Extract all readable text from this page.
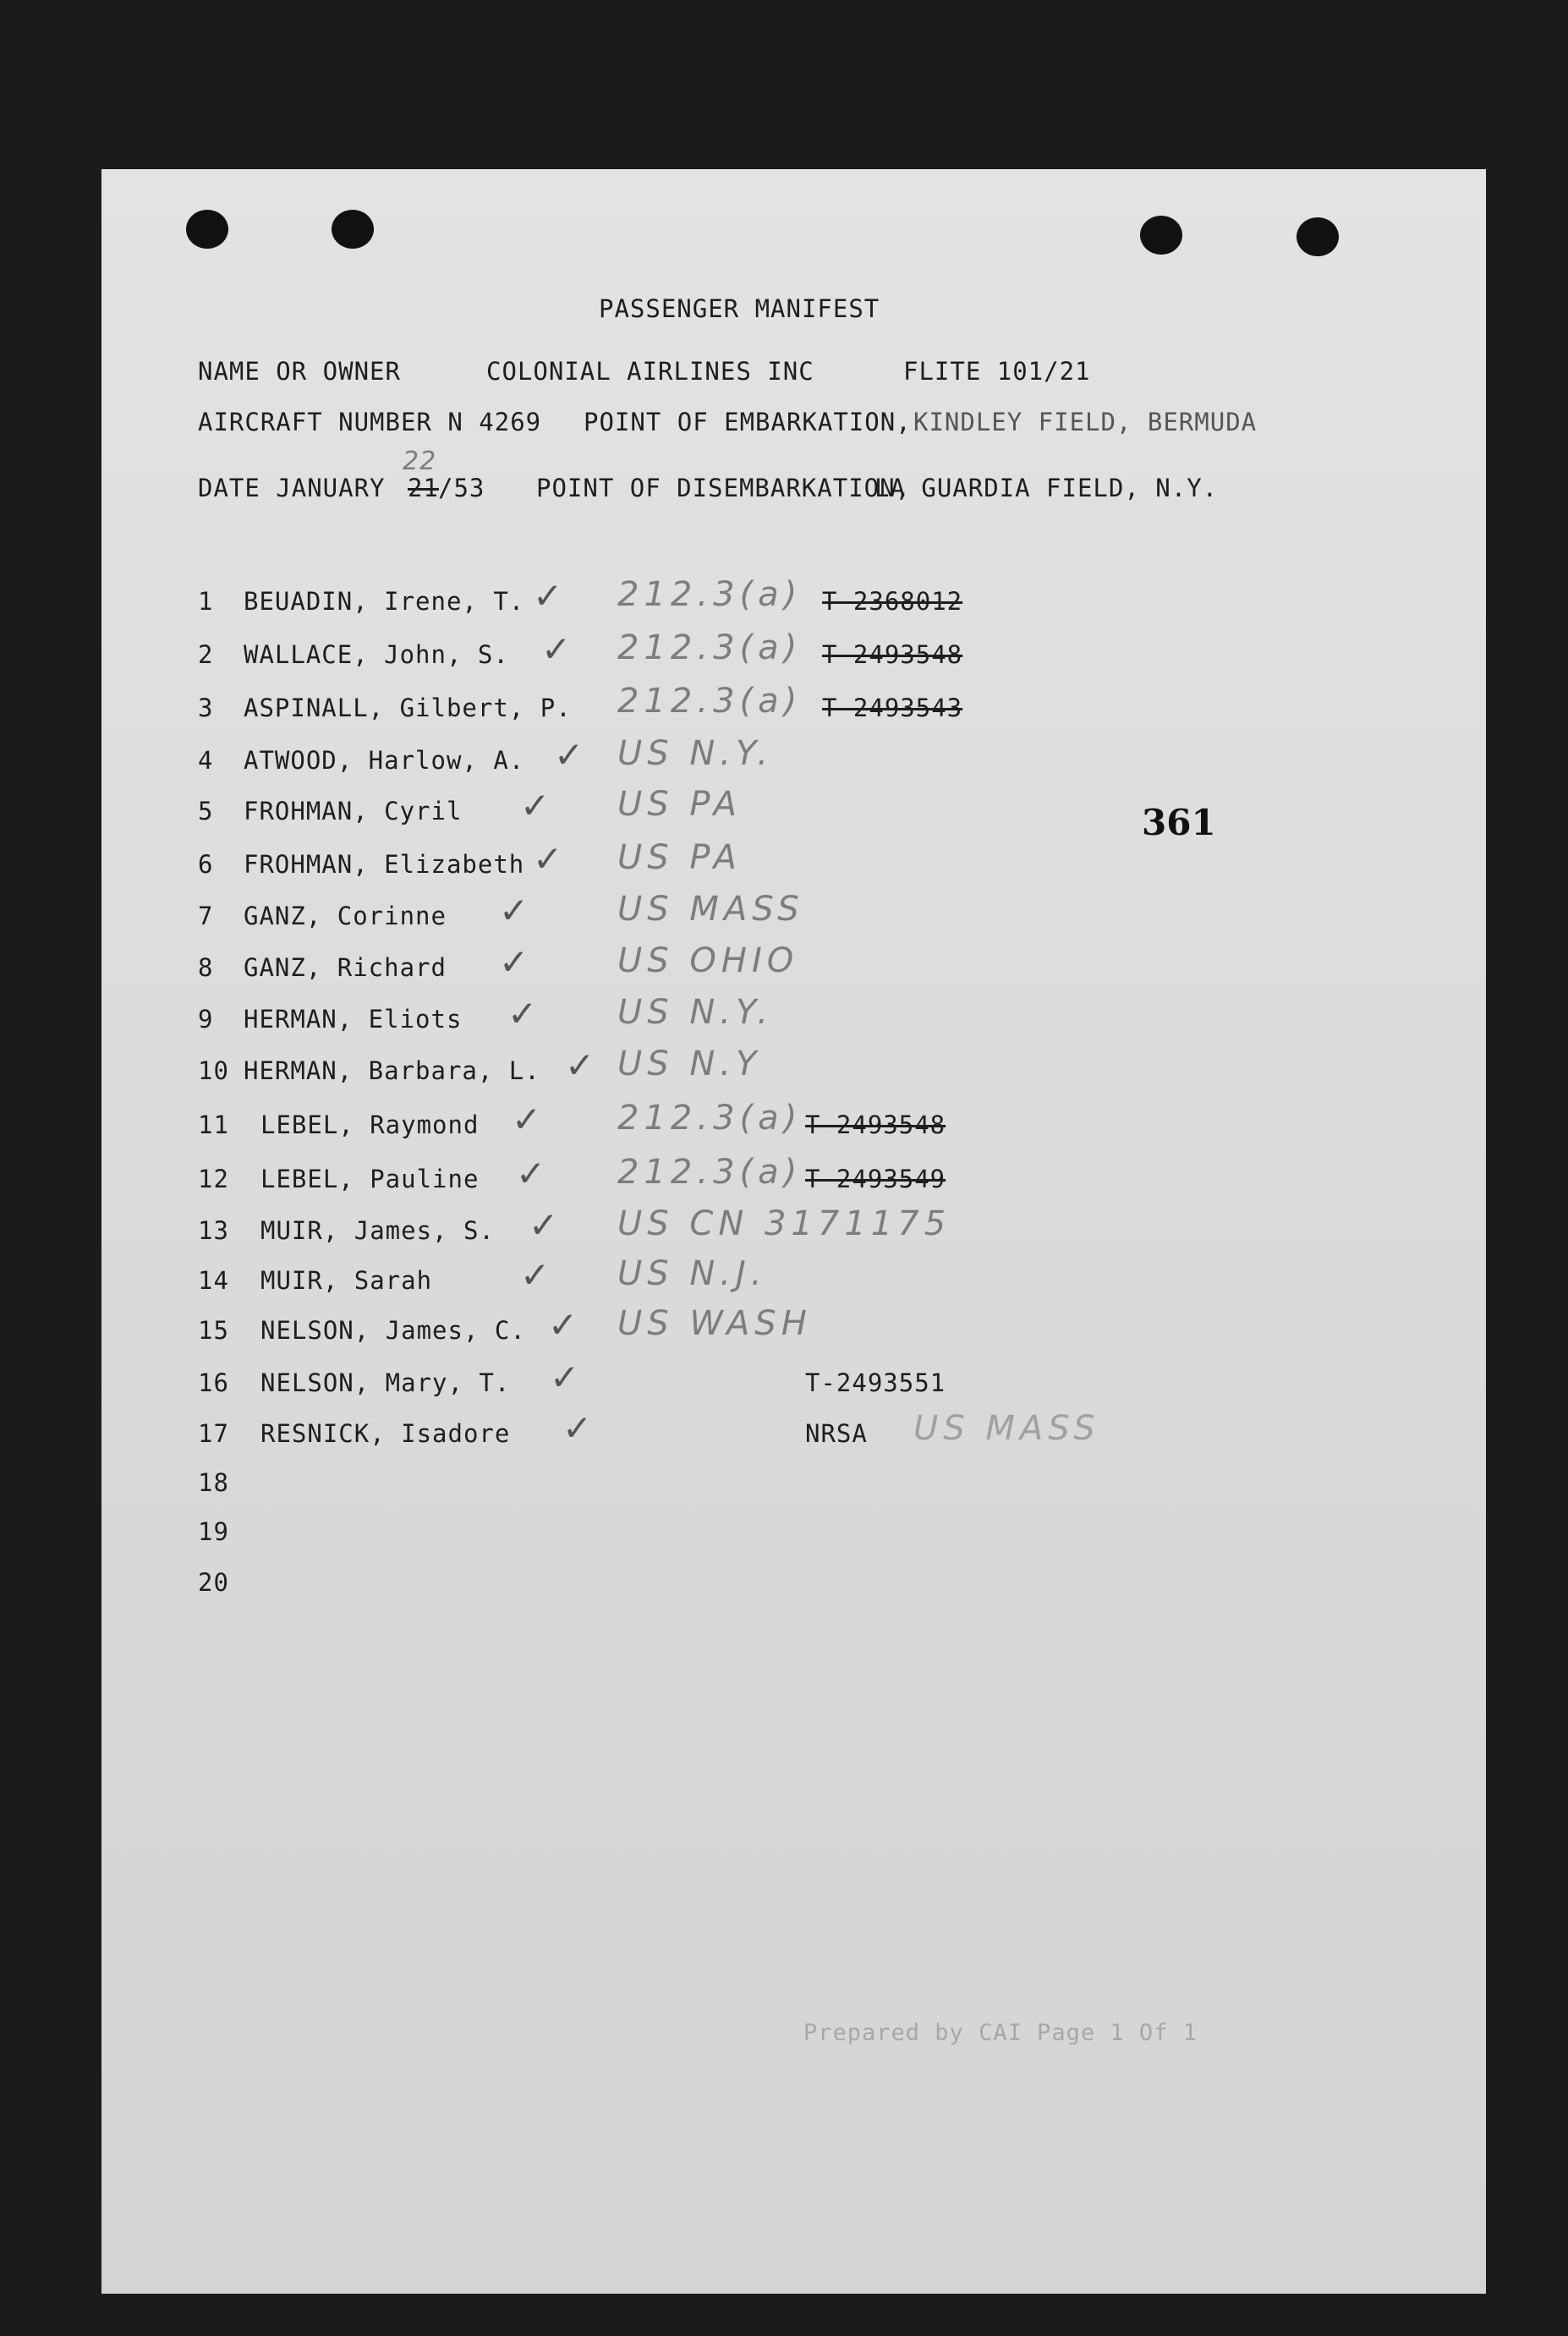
PASSENGER MANIFEST
NAME OR OWNER	COLONIAL AIRLINES INC	FLITE 101/21
AIRCRAFT NUMBER N 4269 POINT OF EMBARKATION, KINDLEY FIELD, BERMUDA
22
DATE JANUARY 21 /53 POINT OF DISEMBARKATION,
LA GUARDIA FIELD, N.Y.
361
1 BEUADIN, Irene, T. ✓ 212.3(a) T-2368012
2 WALLACE, John, S. ✓ 212.3(a) T-2493548
3 ASPINALL, Gilbert, P. 212.3(a) T-2493543
4 ATWOOD, Harlow, A. ✓ US N.Y.
5 FROHMAN, Cyril ✓ US PA
6 FROHMAN, Elizabeth ✓ US PA
7 GANZ, Corinne ✓	US MASS
8 GANZ, Richard ✓	US OHIO
9 HERMAN, Eliots ✓ US N.Y.
10 HERMAN, Barbara, L. ✓ US N.Y
11 LEBEL, Raymond ✓ 212.3(a) T-2493548
12 LEBEL, Pauline ✓ 212.3(a) T-2493549
13 MUIR, James, S. ✓ US CN 3171175
14 MUIR, Sarah ✓ US N.J.
15 NELSON, James, C. ✓ US WASH
16 NELSON, Mary, T. ✓	T-2493551
17 RESNICK, Isadore ✓	NRSA US MASS
18
19
20
Prepared by CAI Page 1 Of 1
